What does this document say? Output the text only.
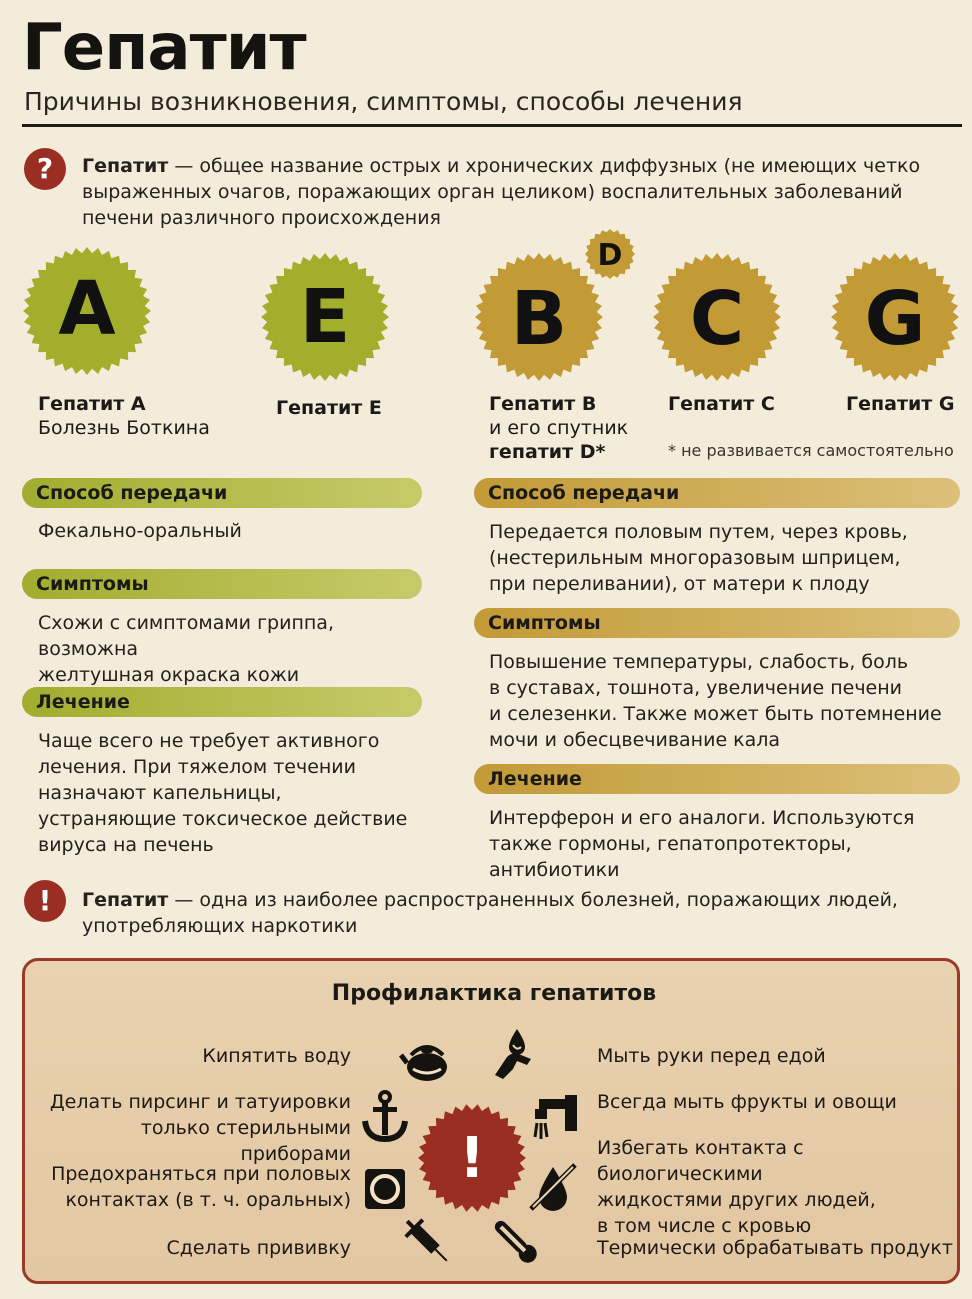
Гепатит
Причины возникновения, симптомы, способы лечения
?	Гепатит — общее название острых и хронических диффузных (не имеющих четко
выраженных очагов, поражающих орган целиком) воспалительных заболеваний
печени различного происхождения
A E B
D
C G
Гепатит A
Болезнь Боткина
Гепатит E	Гепатит B
и его спутник
гепатит D*
Гепатит C	Гепатит G
* не развивается самостоятельно
Способ передачи
Фекально-оральный
Симптомы
Схожи с симптомами гриппа, возможна
желтушная окраска кожи
Лечение
Чаще всего не требует активного
лечения. При тяжелом течении
назначают капельницы,
устраняющие токсическое действие
вируса на печень
Способ передачи
Передается половым путем, через кровь,
(нестерильным многоразовым шприцем,
при переливании), от матери к плоду
Симптомы
Повышение температуры, слабость, боль
в суставах, тошнота, увеличение печени
и селезенки. Также может быть потемнение
мочи и обесцвечивание кала
Лечение
Интерферон и его аналоги. Используются
также гормоны, гепатопротекторы, антибиотики
!	Гепатит — одна из наиболее распространенных болезней, поражающих людей,
употребляющих наркотики
Профилактика гепатитов
!
Кипятить воду
Делать пирсинг и татуировки
только стерильными приборами
Предохраняться при половых
контактах (в т. ч. оральных)
Сделать прививку
Мыть руки перед едой
Всегда мыть фрукты и овощи
Избегать контакта с биологическими
жидкостями других людей,
в том числе с кровью
Термически обрабатывать продукт
